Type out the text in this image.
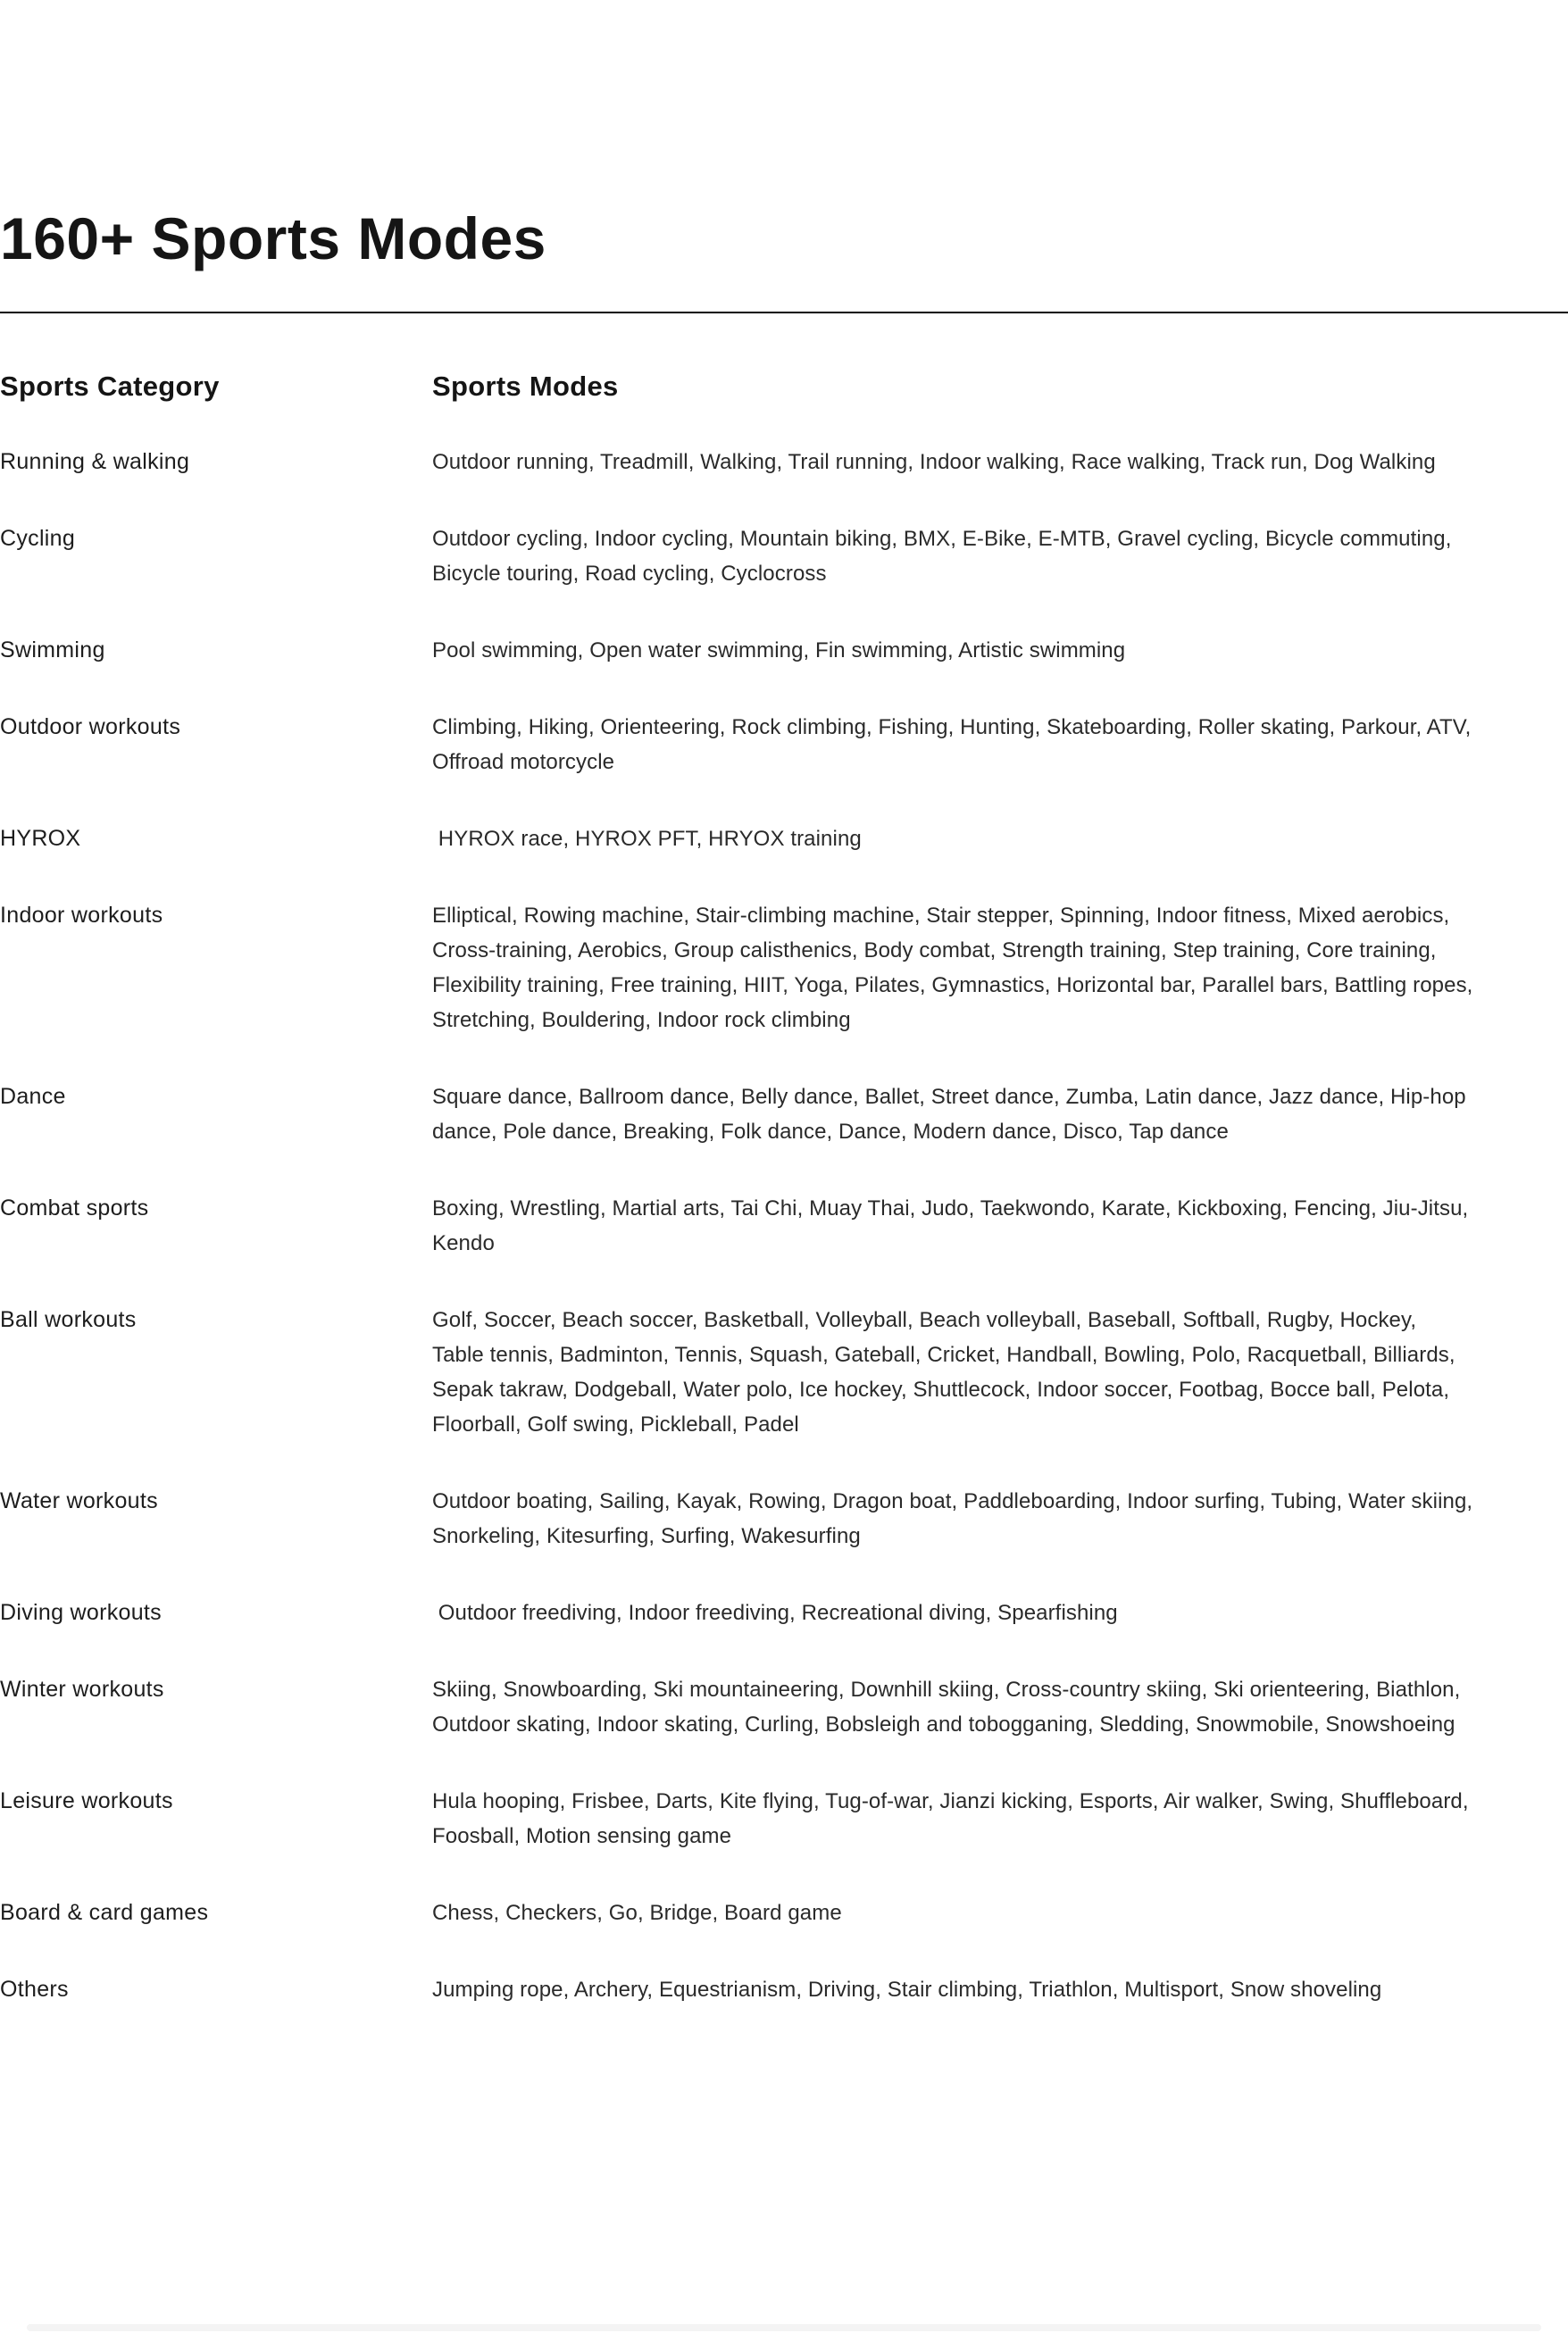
160+ Sports Modes
Sports Category	Sports Modes
Running & walking	Outdoor running, Treadmill, Walking, Trail running, Indoor walking, Race walking, Track run, Dog Walking
Cycling	Outdoor cycling, Indoor cycling, Mountain biking, BMX, E-Bike, E-MTB, Gravel cycling, Bicycle commuting, Bicycle touring, Road cycling, Cyclocross
Swimming	Pool swimming, Open water swimming, Fin swimming, Artistic swimming
Outdoor workouts	Climbing, Hiking, Orienteering, Rock climbing, Fishing, Hunting, Skateboarding, Roller skating, Parkour, ATV, Offroad motorcycle
HYROX	HYROX race, HYROX PFT, HRYOX training
Indoor workouts	Elliptical, Rowing machine, Stair-climbing machine, Stair stepper, Spinning, Indoor fitness, Mixed aerobics, Cross-training, Aerobics, Group calisthenics, Body combat, Strength training, Step training, Core training, Flexibility training, Free training, HIIT, Yoga, Pilates, Gymnastics, Horizontal bar, Parallel bars, Battling ropes, Stretching, Bouldering, Indoor rock climbing
Dance	Square dance, Ballroom dance, Belly dance, Ballet, Street dance, Zumba, Latin dance, Jazz dance, Hip-hop dance, Pole dance, Breaking, Folk dance, Dance, Modern dance, Disco, Tap dance
Combat sports	Boxing, Wrestling, Martial arts, Tai Chi, Muay Thai, Judo, Taekwondo, Karate, Kickboxing, Fencing, Jiu-Jitsu, Kendo
Ball workouts	Golf, Soccer, Beach soccer, Basketball, Volleyball, Beach volleyball, Baseball, Softball, Rugby, Hockey, Table tennis, Badminton, Tennis, Squash, Gateball, Cricket, Handball, Bowling, Polo, Racquetball, Billiards, Sepak takraw, Dodgeball, Water polo, Ice hockey, Shuttlecock, Indoor soccer, Footbag, Bocce ball, Pelota, Floorball, Golf swing, Pickleball, Padel
Water workouts	Outdoor boating, Sailing, Kayak, Rowing, Dragon boat, Paddleboarding, Indoor surfing, Tubing, Water skiing, Snorkeling, Kitesurfing, Surfing, Wakesurfing
Diving workouts	Outdoor freediving, Indoor freediving, Recreational diving, Spearfishing
Winter workouts	Skiing, Snowboarding, Ski mountaineering, Downhill skiing, Cross-country skiing, Ski orienteering, Biathlon, Outdoor skating, Indoor skating, Curling, Bobsleigh and tobogganing, Sledding, Snowmobile, Snowshoeing
Leisure workouts	Hula hooping, Frisbee, Darts, Kite flying, Tug-of-war, Jianzi kicking, Esports, Air walker, Swing, Shuffleboard, Foosball, Motion sensing game
Board & card games	Chess, Checkers, Go, Bridge, Board game
Others	Jumping rope, Archery, Equestrianism, Driving, Stair climbing, Triathlon, Multisport, Snow shoveling
